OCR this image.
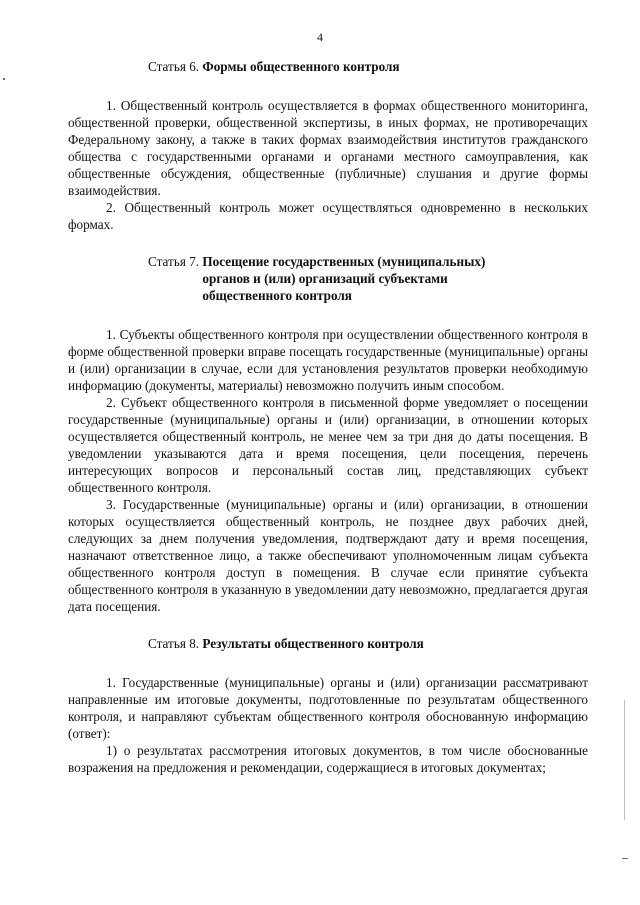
4
Статья 6. Формы общественного контроля

1. Общественный контроль осуществляется в формах общественного мониторинга, общественной проверки, общественной экспертизы, в иных формах, не противоречащих Федеральному закону, а также в таких формах взаимодействия институтов гражданского общества с государственными органами и органами местного самоуправления, как общественные обсуждения, общественные (публичные) слушания и другие формы взаимодействия.

2. Общественный контроль может осуществляться одновременно в нескольких формах.

Статья 7. Посещение государственных (муниципальных)
органов и (или) организаций субъектами
общественного контроля

1. Субъекты общественного контроля при осуществлении общественного контроля в форме общественной проверки вправе посещать государственные (муниципальные) органы и (или) организации в случае, если для установления результатов проверки необходимую информацию (документы, материалы) невозможно получить иным способом.

2. Субъект общественного контроля в письменной форме уведомляет о посещении государственные (муниципальные) органы и (или) организации, в отношении которых осуществляется общественный контроль, не менее чем за три дня до даты посещения. В уведомлении указываются дата и время посещения, цели посещения, перечень интересующих вопросов и персональный состав лиц, представляющих субъект общественного контроля.

3. Государственные (муниципальные) органы и (или) организации, в отношении которых осуществляется общественный контроль, не позднее двух рабочих дней, следующих за днем получения уведомления, подтверждают дату и время посещения, назначают ответственное лицо, а также обеспечивают уполномоченным лицам субъекта общественного контроля доступ в помещения. В случае если принятие субъекта общественного контроля в указанную в уведомлении дату невозможно, предлагается другая дата посещения.

Статья 8. Результаты общественного контроля

1. Государственные (муниципальные) органы и (или) организации рассматривают направленные им итоговые документы, подготовленные по результатам общественного контроля, и направляют субъектам общественного контроля обоснованную информацию (ответ):

1) о результатах рассмотрения итоговых документов, в том числе обоснованные возражения на предложения и рекомендации, содержащиеся в итоговых документах;
